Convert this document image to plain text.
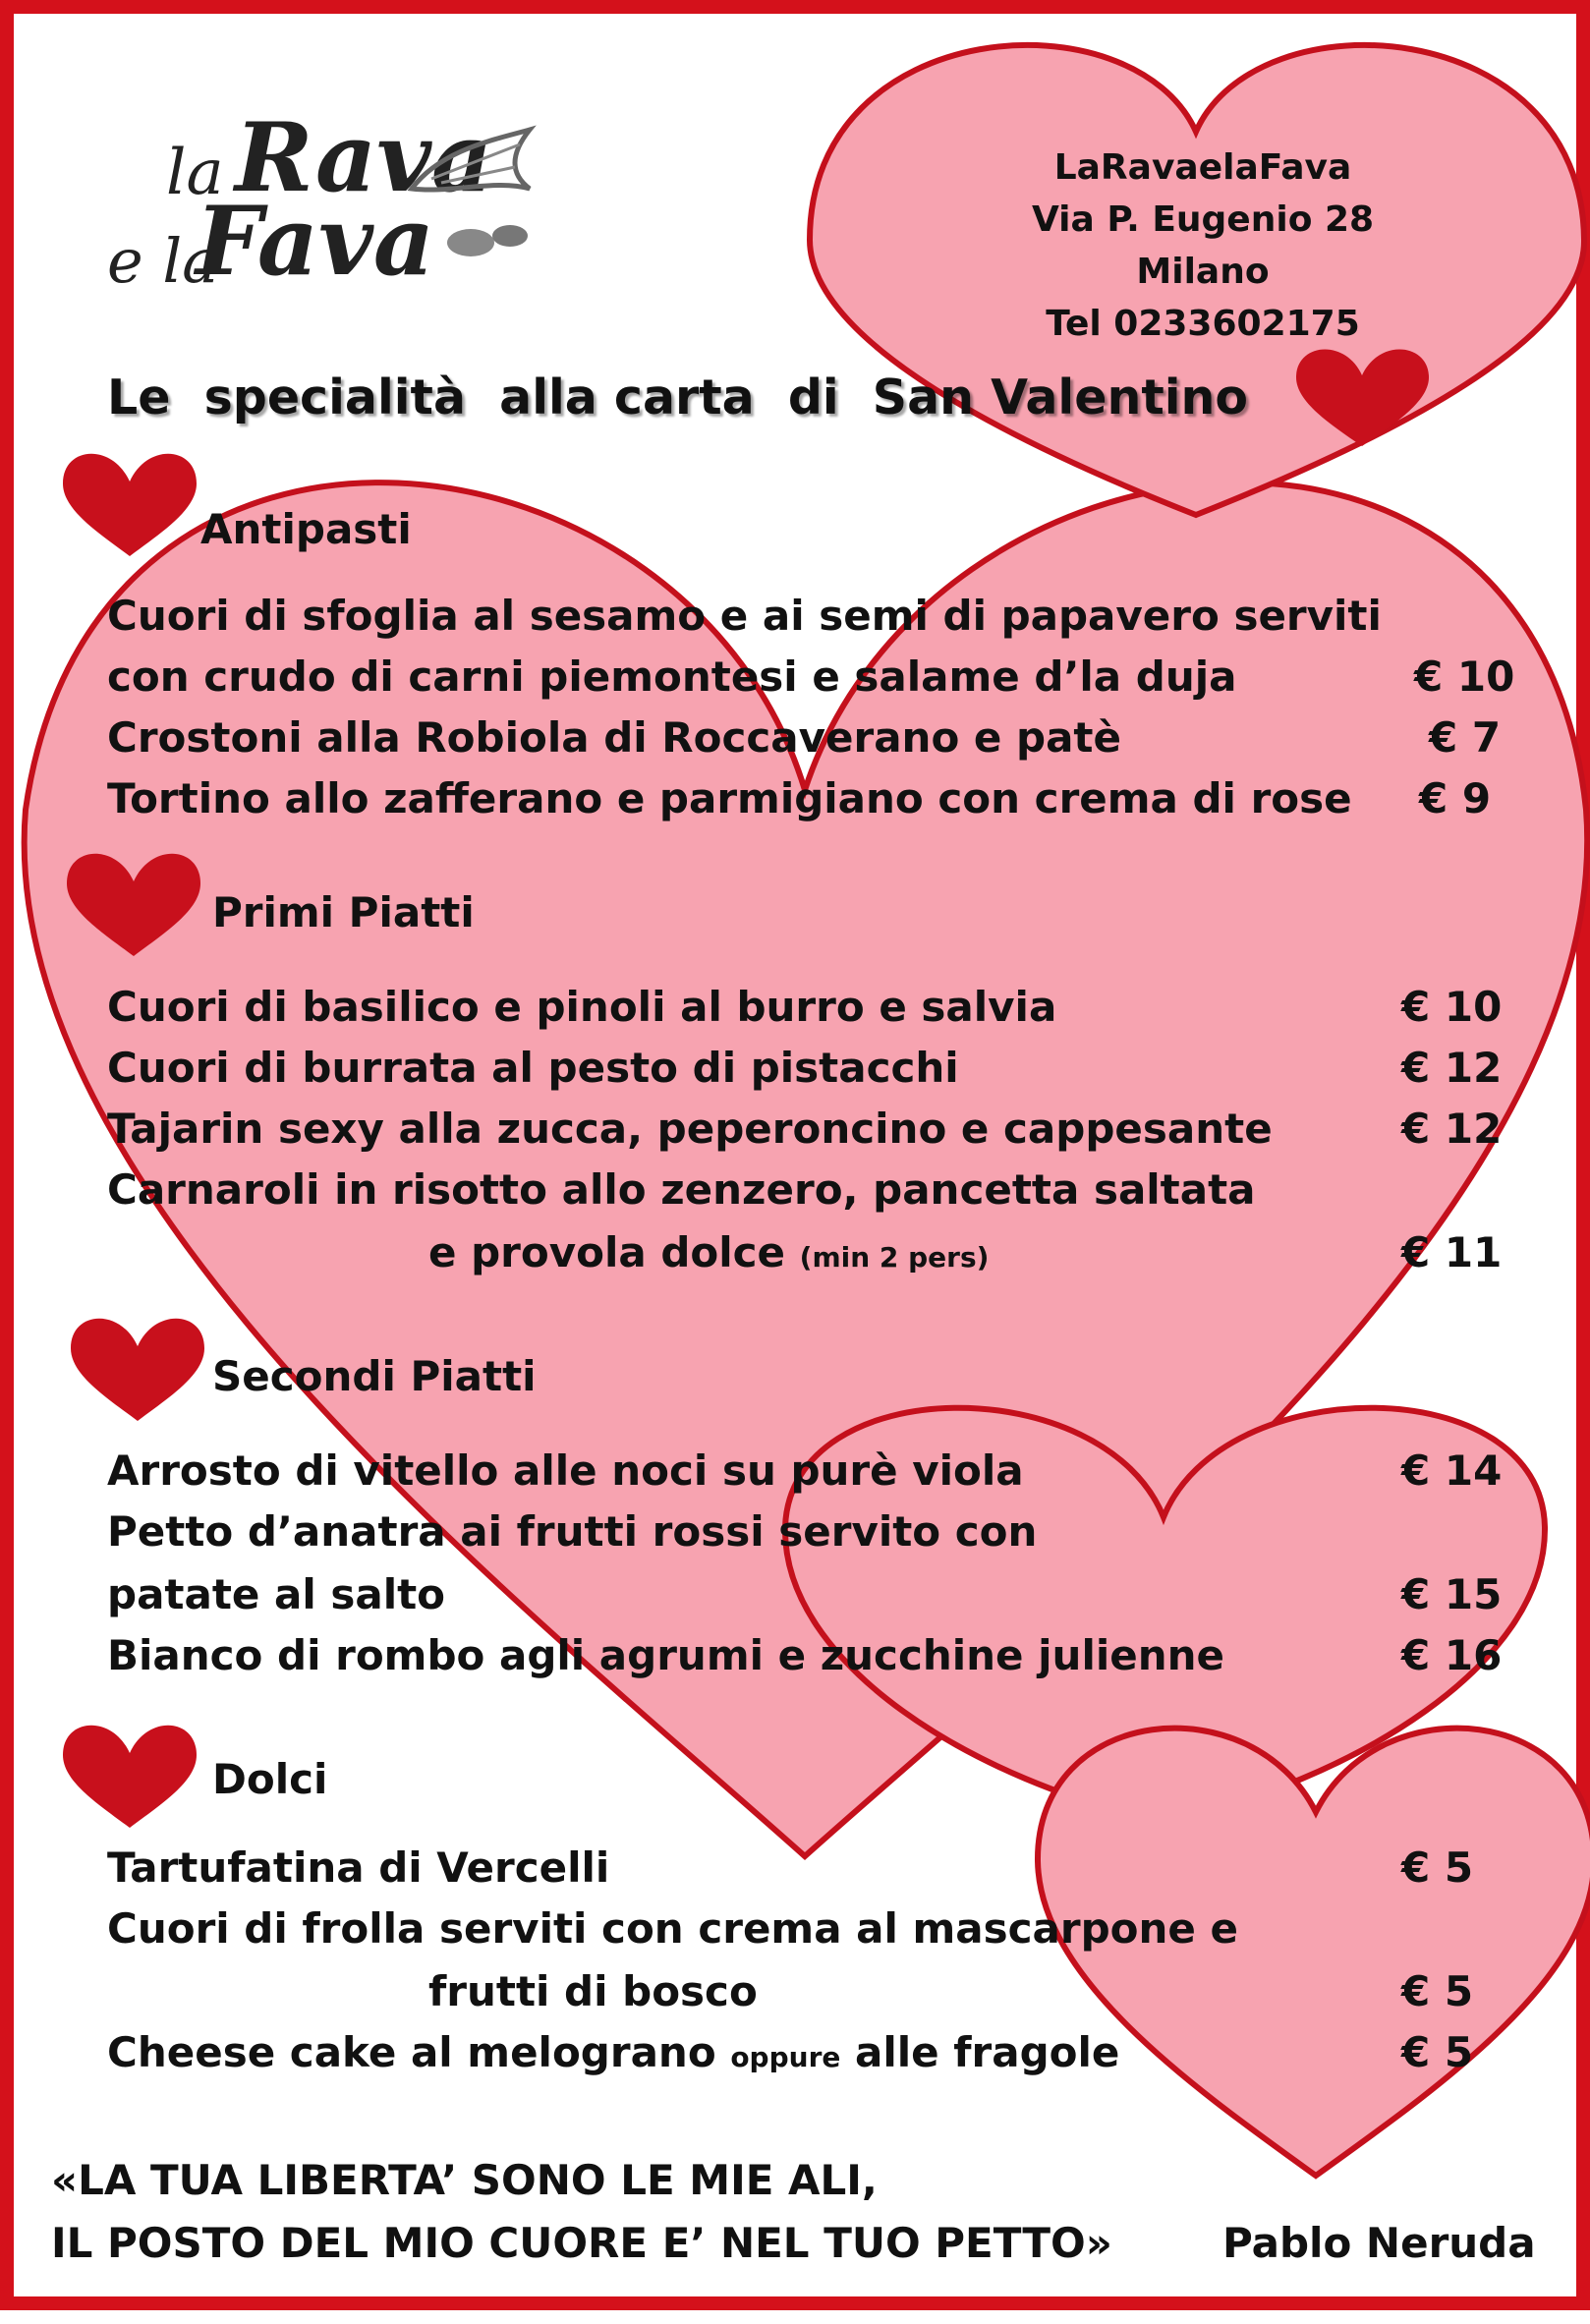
la Rava
e la
Fava
LaRavaelaFava
Via P. Eugenio 28
Milano
Tel 0233602175
Le  specialità  alla carta  di  San Valentino
Antipasti
Cuori di sfoglia al sesamo e ai semi di papavero serviti
con crudo di carni piemontesi e salame d’la duja	€ 10
Crostoni alla Robiola di Roccaverano e patè	€ 7
Tortino allo zafferano e parmigiano con crema di rose € 9
Primi Piatti
Cuori di basilico e pinoli al burro e salvia	€ 10
Cuori di burrata al pesto di pistacchi	€ 12
Tajarin sexy alla zucca, peperoncino e cappesante	€ 12
Carnaroli in risotto allo zenzero, pancetta saltata
e provola dolce (min 2 pers)	€ 11
Secondi Piatti
Arrosto di vitello alle noci su purè viola	€ 14
Petto d’anatra ai frutti rossi servito con
patate al salto	€ 15
Bianco di rombo agli agrumi e zucchine julienne	€ 16
Dolci
Tartufatina di Vercelli	€ 5
Cuori di frolla serviti con crema al mascarpone e
frutti di bosco	€ 5
Cheese cake al melograno oppure alle fragole	€ 5
«LA TUA LIBERTA’ SONO LE MIE ALI,
IL POSTO DEL MIO CUORE E’ NEL TUO PETTO»	Pablo Neruda
